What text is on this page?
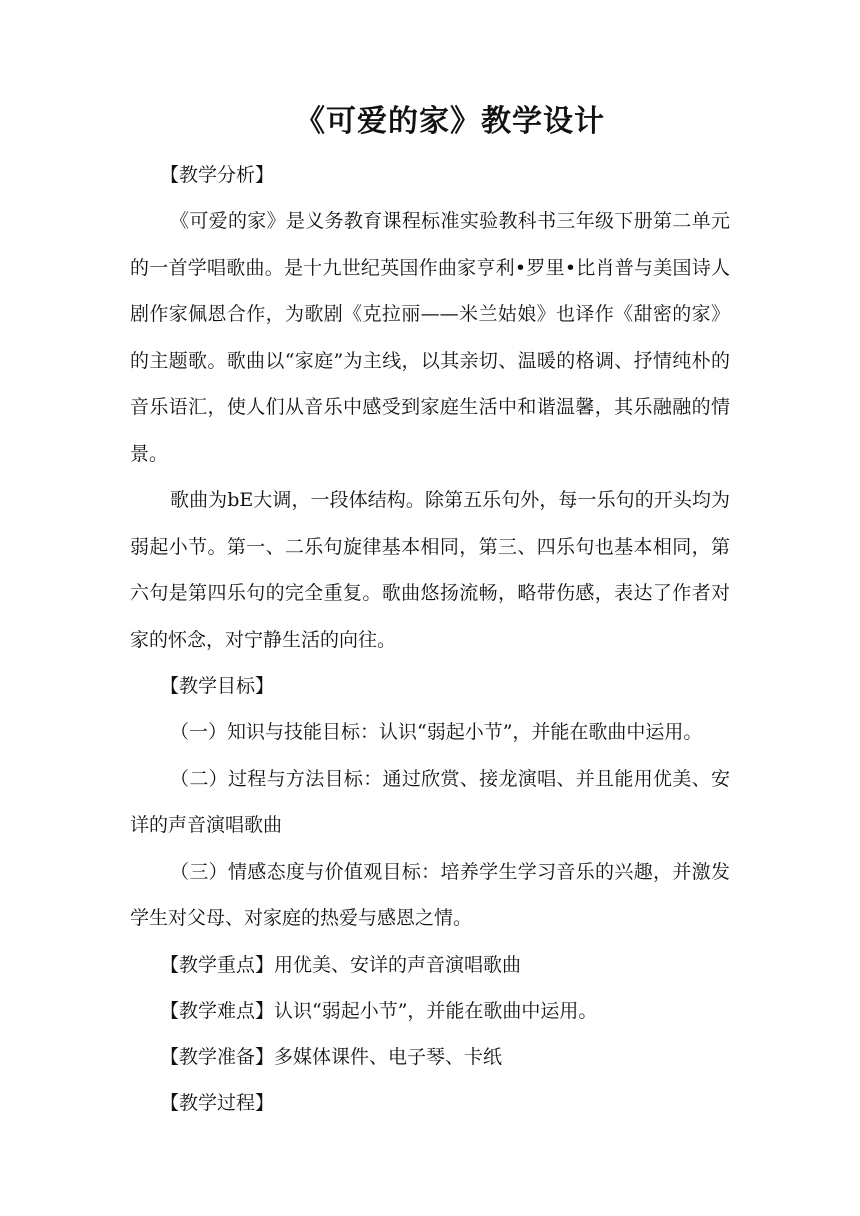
《可爱的家》教学设计

【教学分析】

《可爱的家》是义务教育课程标准实验教科书三年级下册第二单元的一首学唱歌曲。是十九世纪英国作曲家亨利•罗里•比肖普与美国诗人剧作家佩恩合作，为歌剧《克拉丽——米兰姑娘》也译作《甜密的家》的主题歌。歌曲以“家庭”为主线，以其亲切、温暖的格调、抒情纯朴的音乐语汇，使人们从音乐中感受到家庭生活中和谐温馨，其乐融融的情景。

歌曲为bE大调，一段体结构。除第五乐句外，每一乐句的开头均为弱起小节。第一、二乐句旋律基本相同，第三、四乐句也基本相同，第六句是第四乐句的完全重复。歌曲悠扬流畅，略带伤感，表达了作者对家的怀念，对宁静生活的向往。

【教学目标】

（一）知识与技能目标：认识“弱起小节”，并能在歌曲中运用。

（二）过程与方法目标：通过欣赏、接龙演唱、并且能用优美、安详的声音演唱歌曲

（三）情感态度与价值观目标：培养学生学习音乐的兴趣，并激发学生对父母、对家庭的热爱与感恩之情。

【教学重点】用优美、安详的声音演唱歌曲

【教学难点】认识“弱起小节”，并能在歌曲中运用。

【教学准备】多媒体课件、电子琴、卡纸

【教学过程】
